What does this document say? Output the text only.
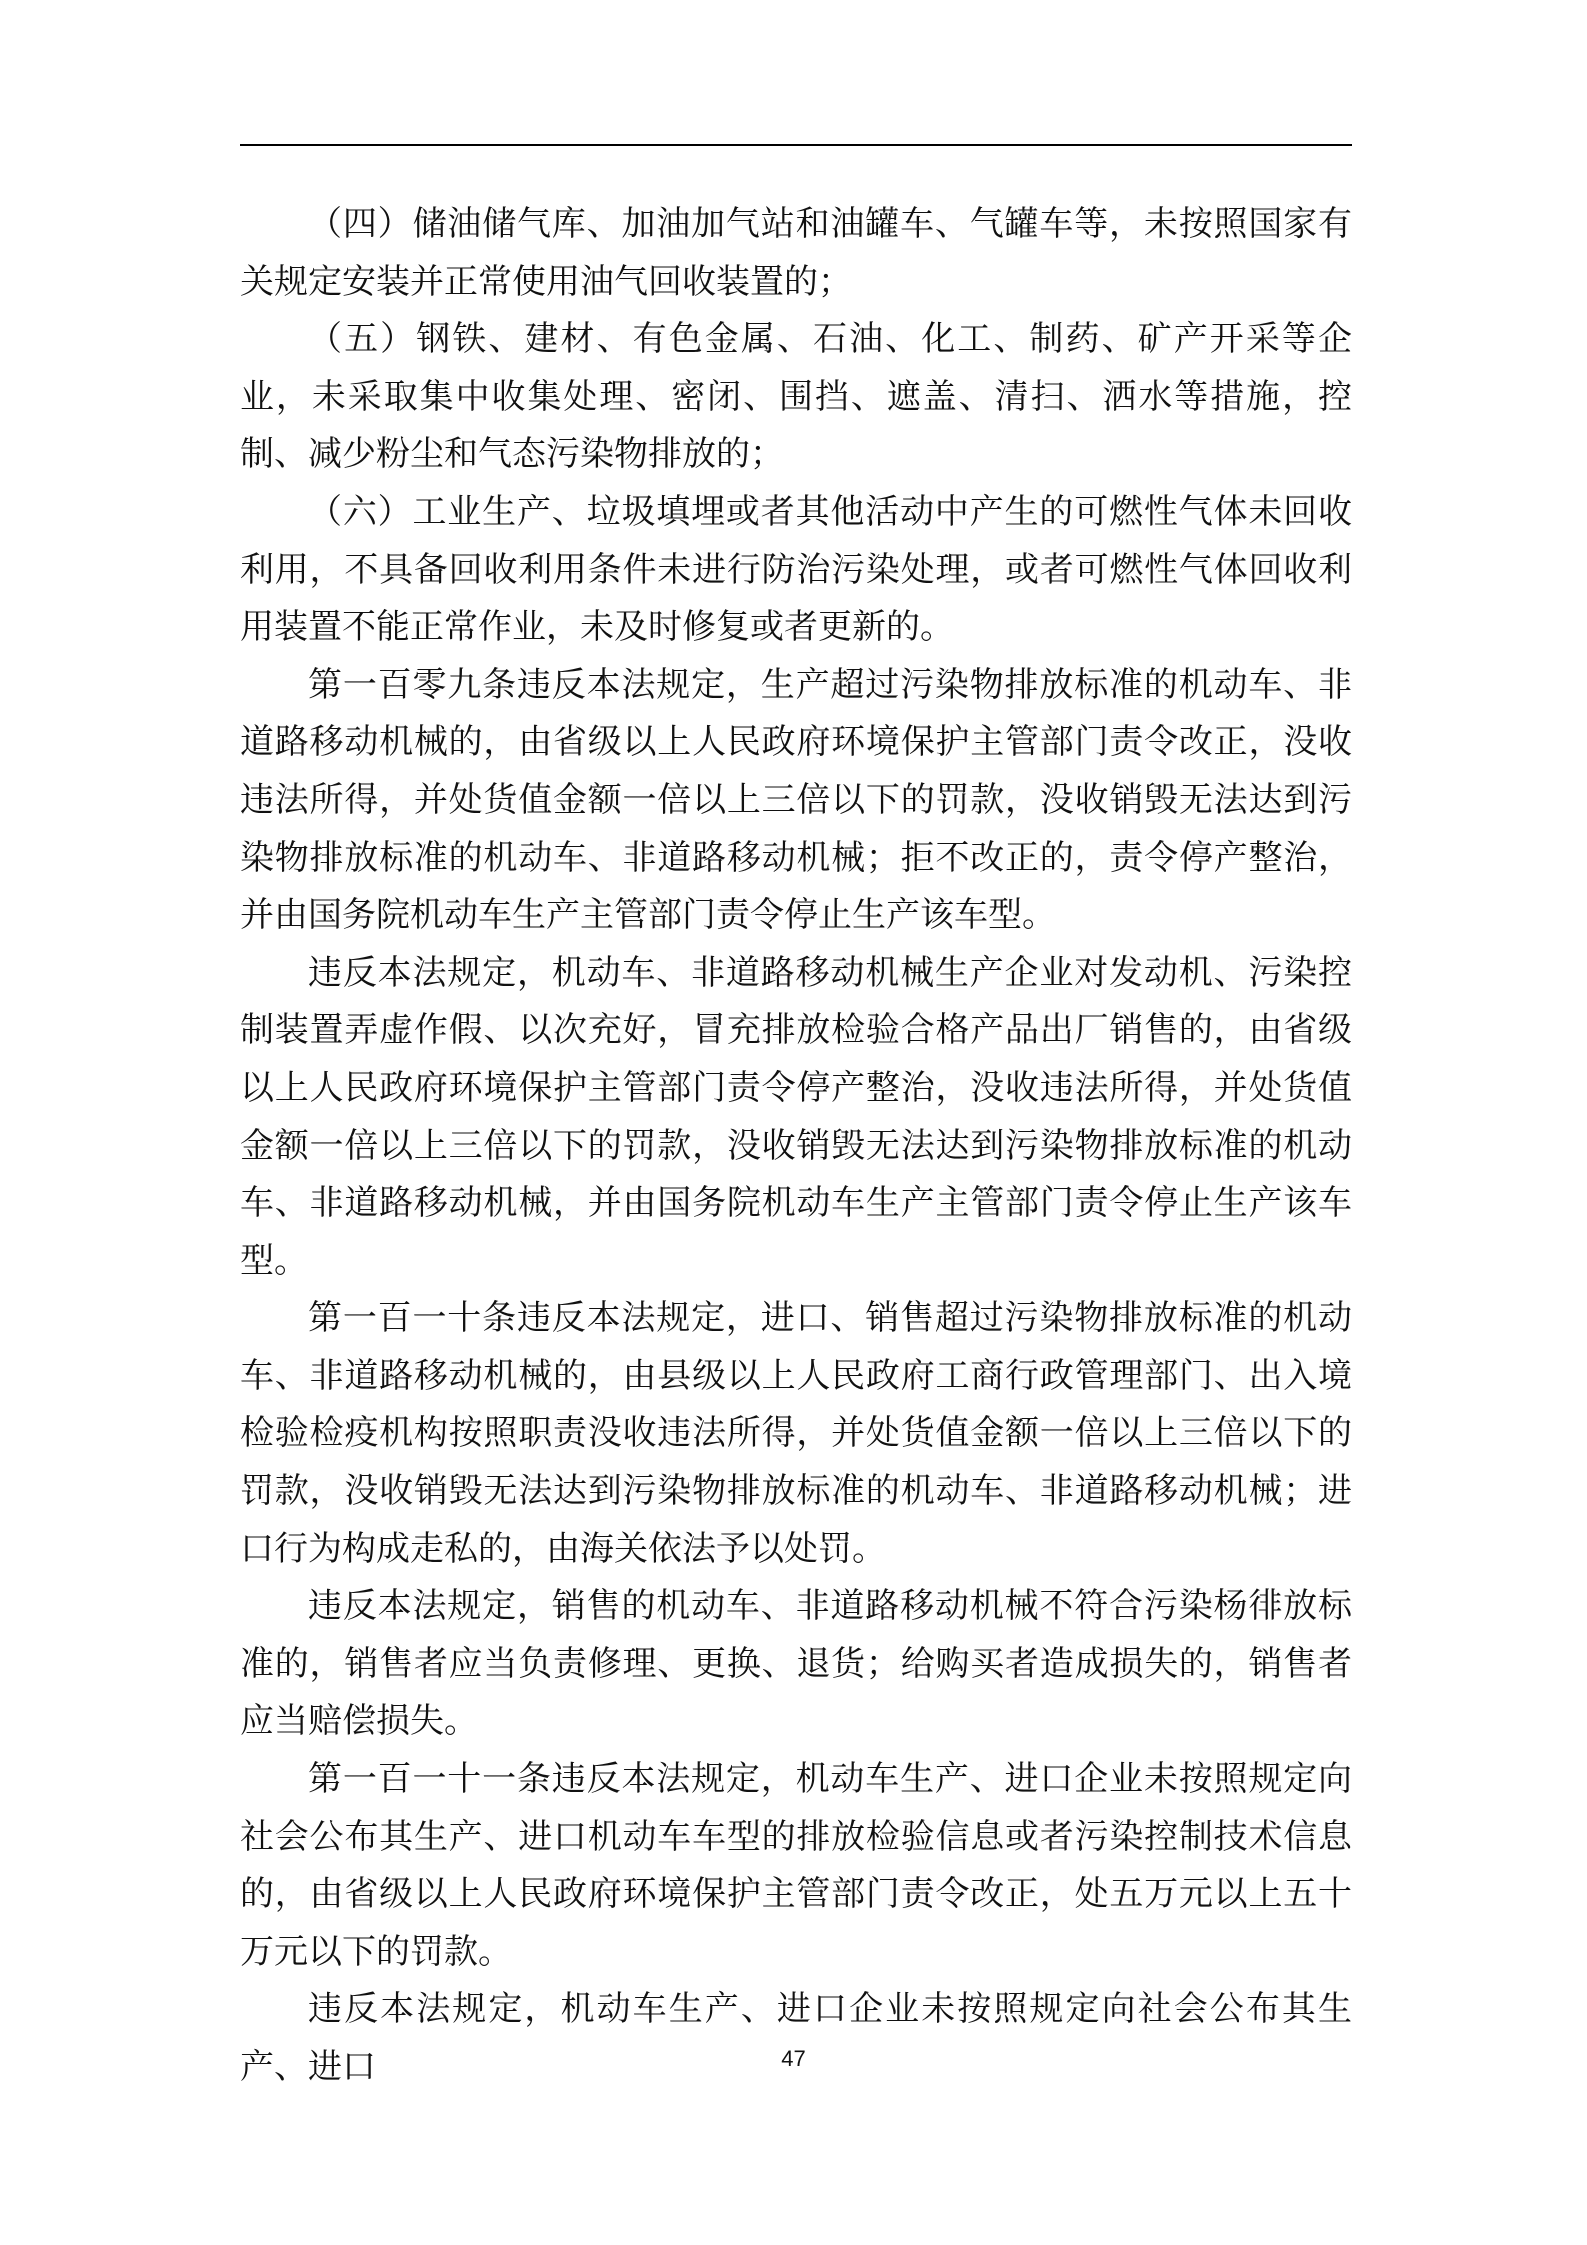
（四）储油储气库、加油加气站和油罐车、气罐车等，未按照国家有关规定安装并正常使用油气回收装置的；

（五）钢铁、建材、有色金属、石油、化工、制药、矿产开采等企业，未采取集中收集处理、密闭、围挡、遮盖、清扫、洒水等措施，控制、减少粉尘和气态污染物排放的；

（六）工业生产、垃圾填埋或者其他活动中产生的可燃性气体未回收利用，不具备回收利用条件未进行防治污染处理，或者可燃性气体回收利用装置不能正常作业，未及时修复或者更新的。

第一百零九条违反本法规定，生产超过污染物排放标准的机动车、非道路移动机械的，由省级以上人民政府环境保护主管部门责令改正，没收违法所得，并处货值金额一倍以上三倍以下的罚款，没收销毁无法达到污染物排放标准的机动车、非道路移动机械；拒不改正的，责令停产整治，并由国务院机动车生产主管部门责令停止生产该车型。

违反本法规定，机动车、非道路移动机械生产企业对发动机、污染控制装置弄虚作假、以次充好，冒充排放检验合格产品出厂销售的，由省级以上人民政府环境保护主管部门责令停产整治，没收违法所得，并处货值金额一倍以上三倍以下的罚款，没收销毁无法达到污染物排放标准的机动车、非道路移动机械，并由国务院机动车生产主管部门责令停止生产该车型。

第一百一十条违反本法规定，进口、销售超过污染物排放标准的机动车、非道路移动机械的，由县级以上人民政府工商行政管理部门、出入境检验检疫机构按照职责没收违法所得，并处货值金额一倍以上三倍以下的罚款，没收销毁无法达到污染物排放标准的机动车、非道路移动机械；进口行为构成走私的，由海关依法予以处罚。

违反本法规定，销售的机动车、非道路移动机械不符合污染杨徘放标准的，销售者应当负责修理、更换、退货；给购买者造成损失的，销售者应当赔偿损失。

第一百一十一条违反本法规定，机动车生产、进口企业未按照规定向社会公布其生产、进口机动车车型的排放检验信息或者污染控制技术信息的，由省级以上人民政府环境保护主管部门责令改正，处五万元以上五十万元以下的罚款。

违反本法规定，机动车生产、进口企业未按照规定向社会公布其生产、进口	47
